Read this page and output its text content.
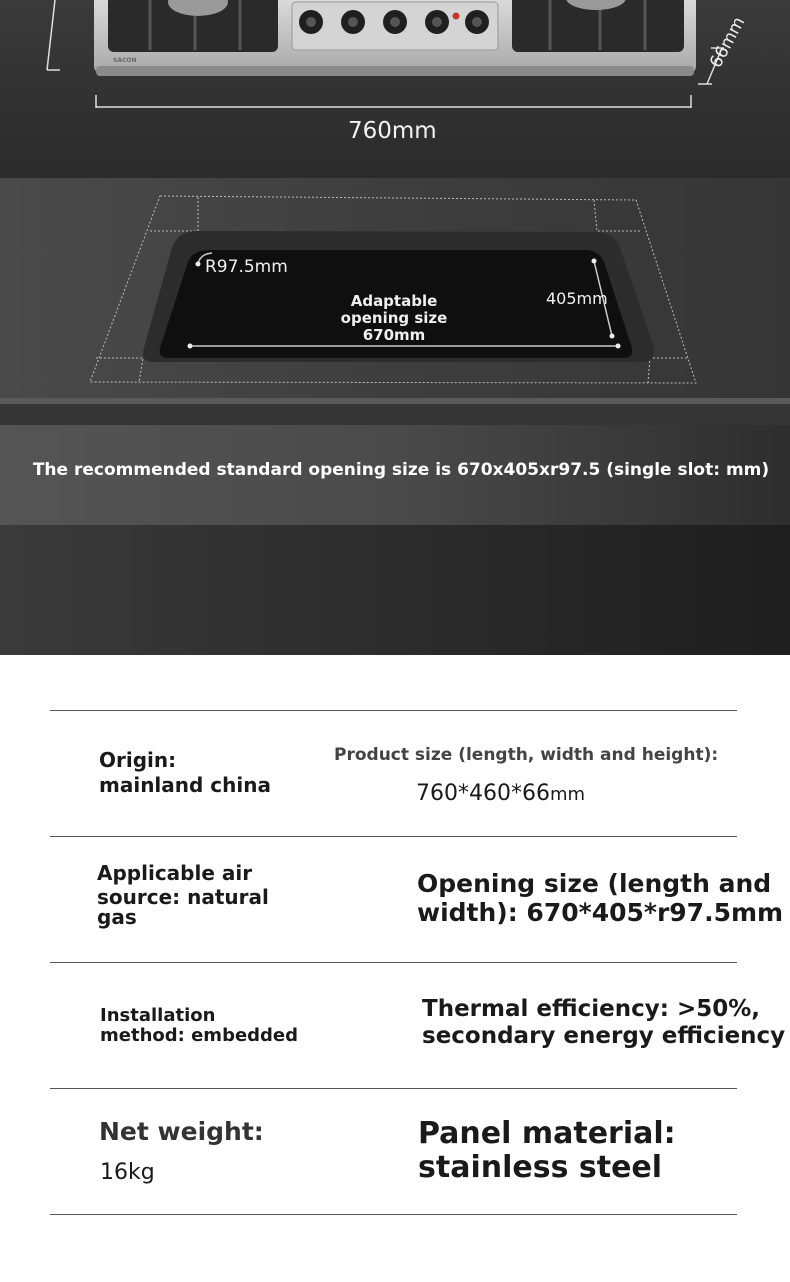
SACON
760mm
66mm
R97.5mm
405mm
Adaptable
opening size
670mm
The recommended standard opening size is 670x405xr97.5 (single slot: mm)
Origin:
mainland china
Product size (length, width and height):
760*460*66mm
Applicable air
source: natural
gas
Opening size (length and
width): 670*405*r97.5mm
Installation
method: embedded
Thermal efficiency: >50%,
secondary energy efficiency
Net weight:
16kg
Panel material:
stainless steel
